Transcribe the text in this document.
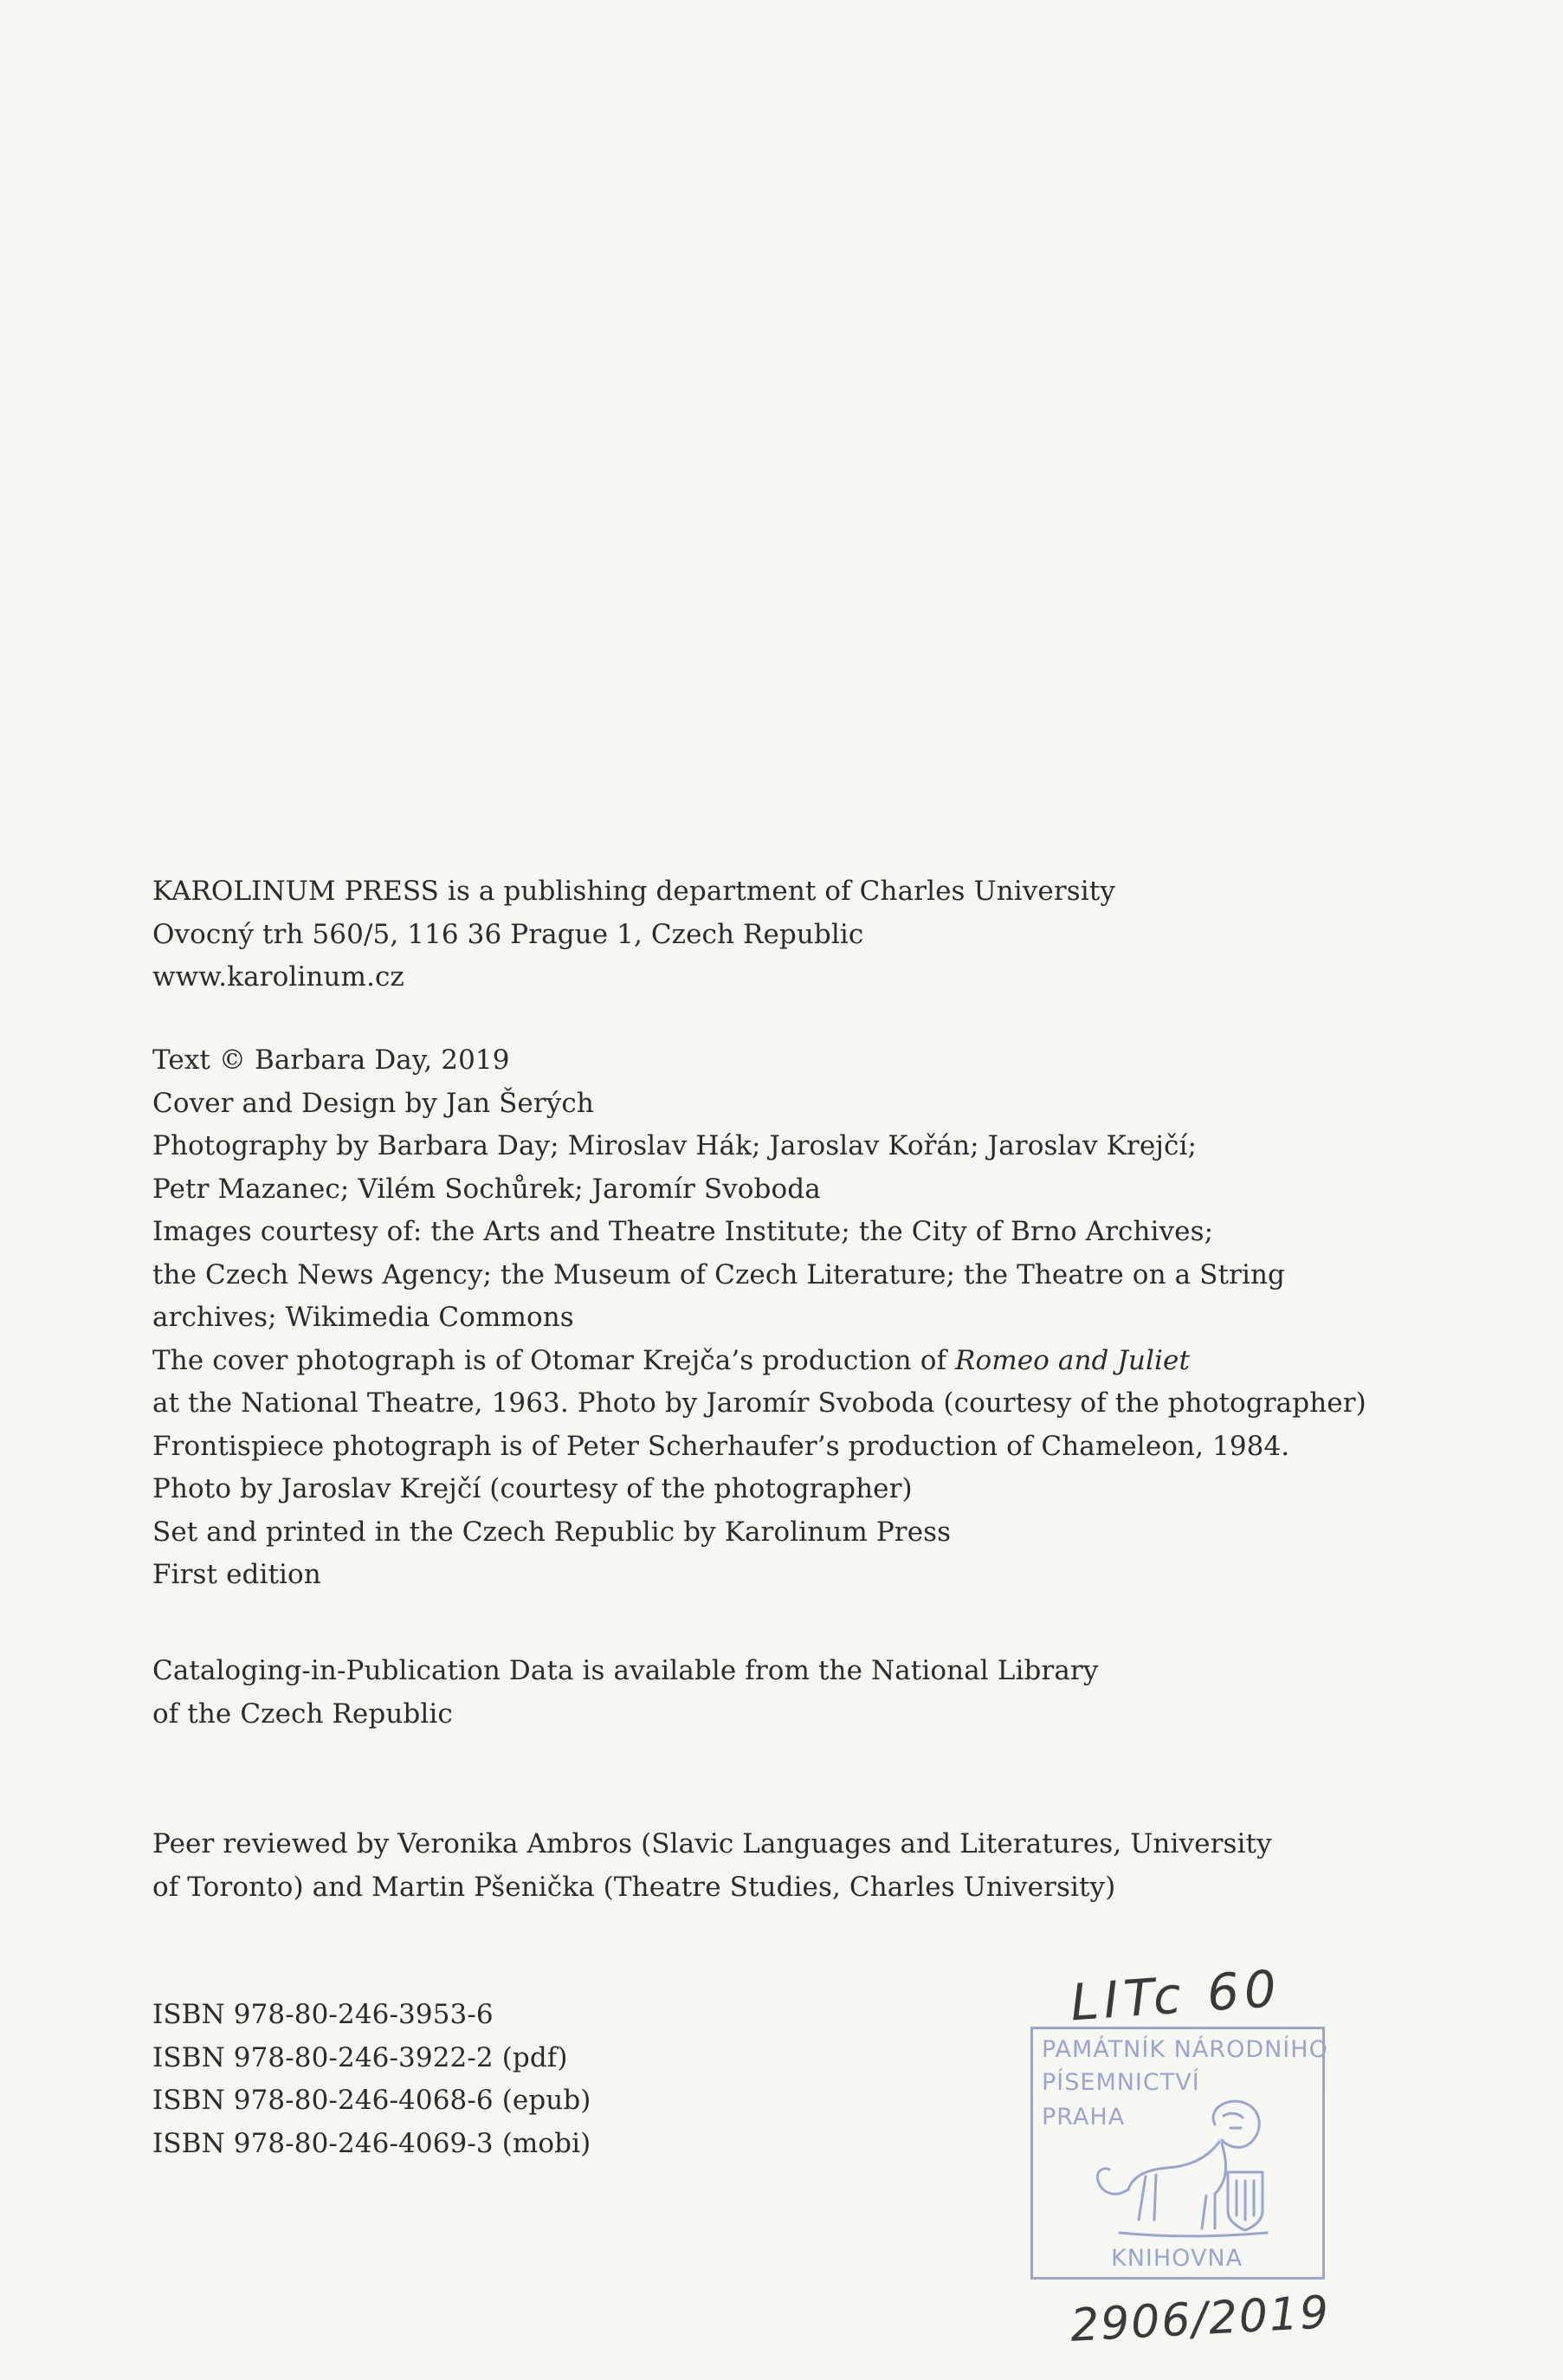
KAROLINUM PRESS is a publishing department of Charles University
Ovocný trh 560/5, 116 36 Prague 1, Czech Republic
www.karolinum.cz
Text © Barbara Day, 2019
Cover and Design by Jan Šerých
Photography by Barbara Day; Miroslav Hák; Jaroslav Kořán; Jaroslav Krejčí;
Petr Mazanec; Vilém Sochůrek; Jaromír Svoboda
Images courtesy of: the Arts and Theatre Institute; the City of Brno Archives;
the Czech News Agency; the Museum of Czech Literature; the Theatre on a String
archives; Wikimedia Commons
The cover photograph is of Otomar Krejča’s production of Romeo and Juliet
at the National Theatre, 1963. Photo by Jaromír Svoboda (courtesy of the photographer)
Frontispiece photograph is of Peter Scherhaufer’s production of Chameleon, 1984.
Photo by Jaroslav Krejčí (courtesy of the photographer)
Set and printed in the Czech Republic by Karolinum Press
First edition
Cataloging-in-Publication Data is available from the National Library
of the Czech Republic
Peer reviewed by Veronika Ambros (Slavic Languages and Literatures, University
of Toronto) and Martin Pšenička (Theatre Studies, Charles University)
ISBN 978-80-246-3953-6
ISBN 978-80-246-3922-2 (pdf)
ISBN 978-80-246-4068-6 (epub)
ISBN 978-80-246-4069-3 (mobi)
LITc 60
PAMÁTNÍK NÁRODNÍHO
PÍSEMNICTVÍ
PRAHA
KNIHOVNA
2906/2019
